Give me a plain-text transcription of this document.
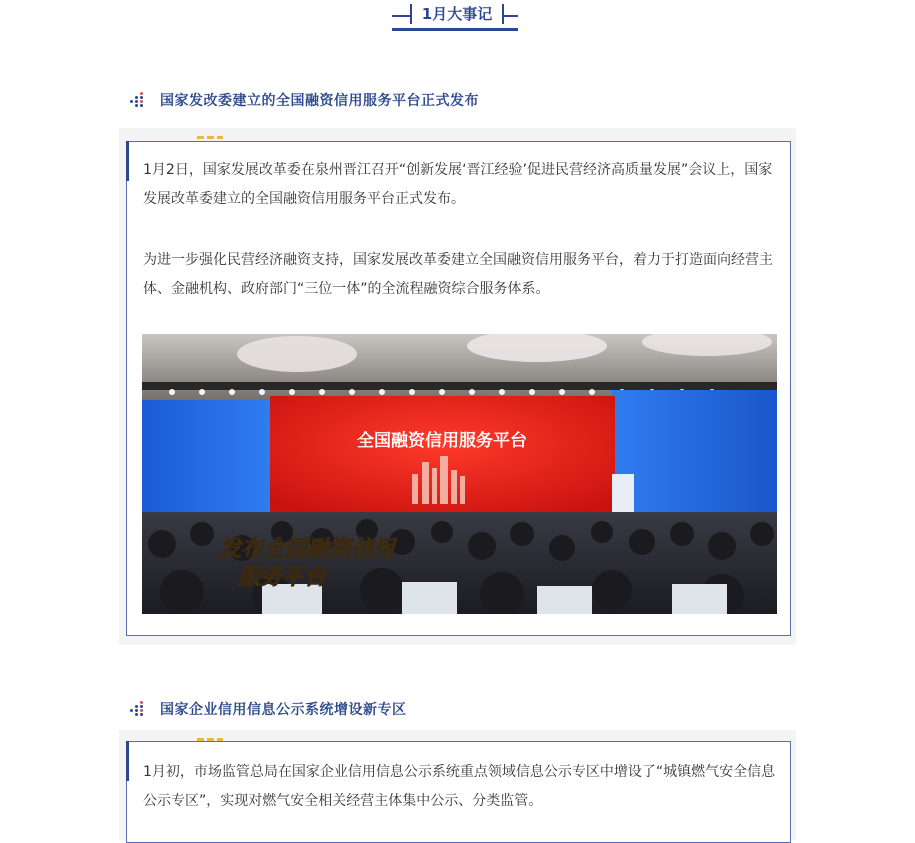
1月大事记
国家发改委建立的全国融资信用服务平台正式发布

1月2日，国家发展改革委在泉州晋江召开“创新发展‘晋江经验’促进民营经济高质量发展”会议上，国家发展改革委建立的全国融资信用服务平台正式发布。

为进一步强化民营经济融资支持，国家发展改革委建立全国融资信用服务平台，着力于打造面向经营主体、金融机构、政府部门“三位一体”的全流程融资综合服务体系。

全国融资信用服务平台
发布全国融资信用
服务平台
国家企业信用信息公示系统增设新专区

1月初，市场监管总局在国家企业信用信息公示系统重点领域信息公示专区中增设了“城镇燃气安全信息公示专区”，实现对燃气安全相关经营主体集中公示、分类监管。
